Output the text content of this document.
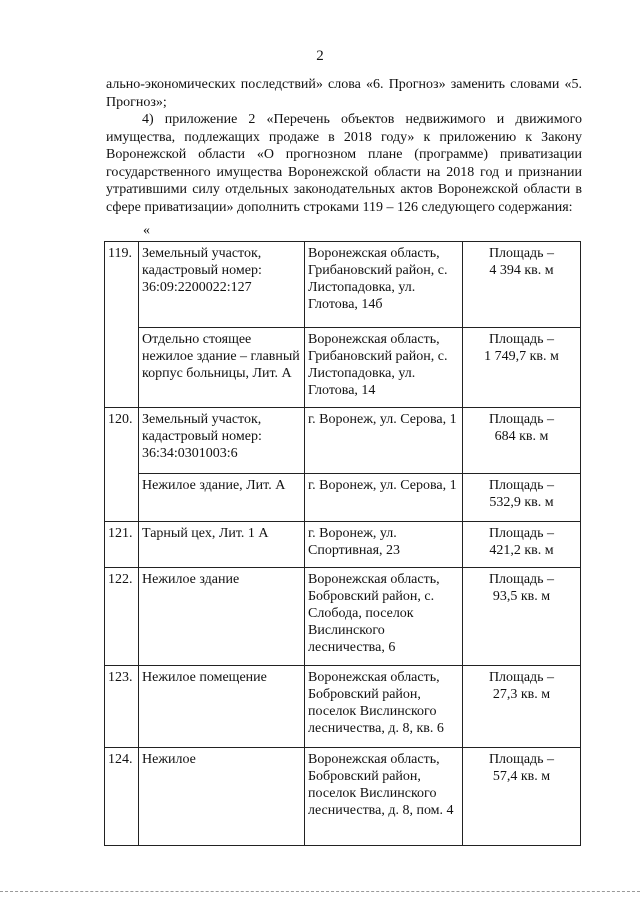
2

ально-экономических последствий» слова «6. Прогноз» заменить словами «5. Прогноз»;

4) приложение 2 «Перечень объектов недвижимого и движимого имущества, подлежащих продаже в 2018 году» к приложению к Закону Воронежской области «О прогнозном плане (программе) приватизации государственного имущества Воронежской области на 2018 год и признании утратившими силу отдельных законодательных актов Воронежской области в сфере приватизации» дополнить строками 119 – 126 следующего содержания:

«
119.	Земельный участок, кадастровый номер: 36:09:2200022:127	Воронежская область, Грибановский район, с. Листопадовка, ул. Глотова, 14б	Площадь –
4 394 кв. м
	Отдельно стоящее нежилое здание – главный корпус больницы, Лит. А	Воронежская область, Грибановский район, с. Листопадовка, ул. Глотова, 14	Площадь –
1 749,7 кв. м
120.	Земельный участок, кадастровый номер: 36:34:0301003:6	г. Воронеж, ул. Серова, 1	Площадь –
684 кв. м
	Нежилое здание, Лит. А	г. Воронеж, ул. Серова, 1	Площадь –
532,9 кв. м
121.	Тарный цех, Лит. 1 А	г. Воронеж, ул. Спортивная, 23	Площадь –
421,2 кв. м
122.	Нежилое здание	Воронежская область, Бобровский район, с. Слобода, поселок Вислинского лесничества, 6	Площадь –
93,5 кв. м
123.	Нежилое помещение	Воронежская область, Бобровский район, поселок Вислинского лесничества, д. 8, кв. 6	Площадь –
27,3 кв. м
124.	Нежилое	Воронежская область, Бобровский район, поселок Вислинского лесничества, д. 8, пом. 4	Площадь –
57,4 кв. м
